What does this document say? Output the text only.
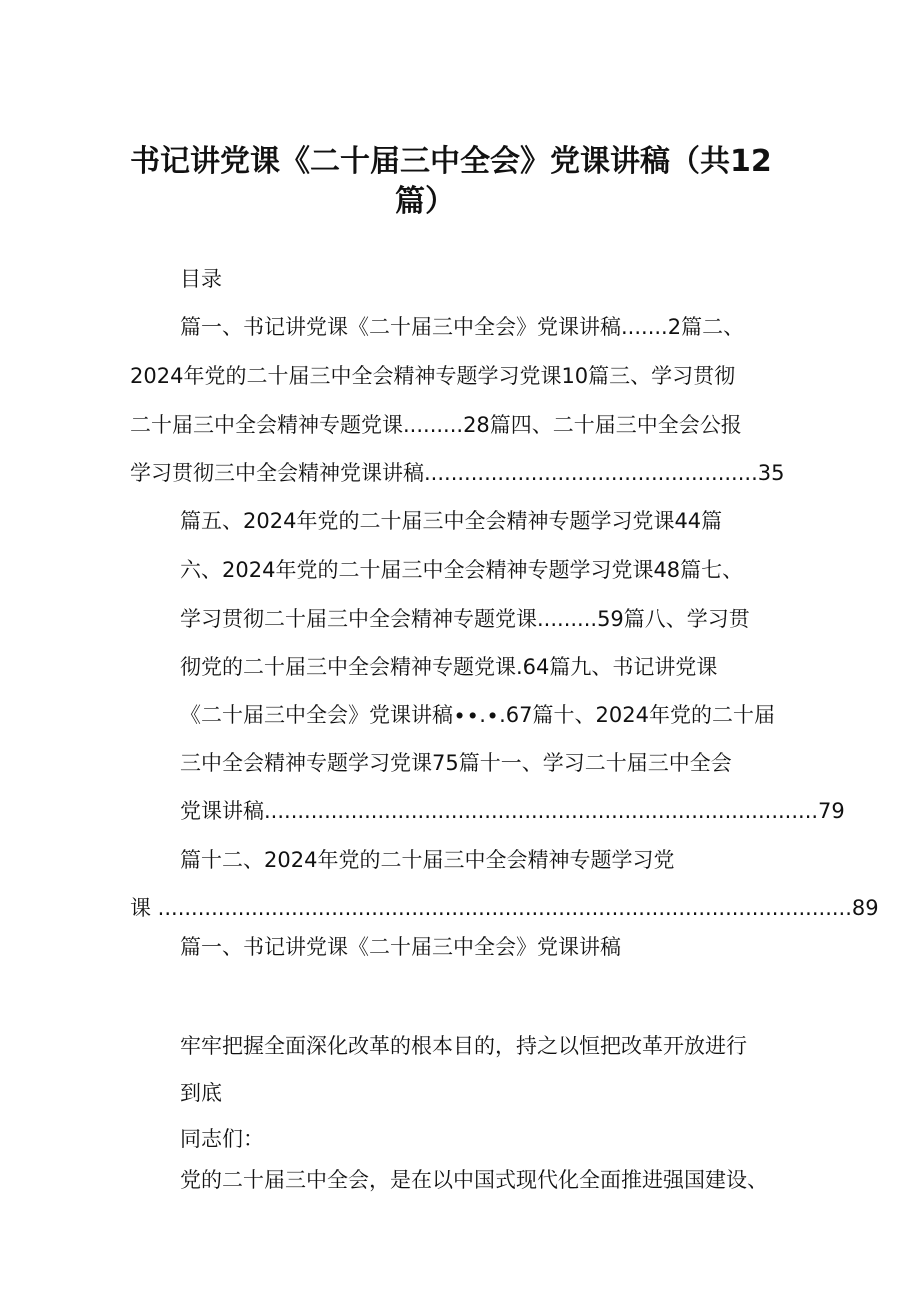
书记讲党课《二十届三中全会》党课讲稿（共12
篇）
目录
篇一、书记讲党课《二十届三中全会》党课讲稿.......2篇二、
2024年党的二十届三中全会精神专题学习党课10篇三、学习贯彻
二十届三中全会精神专题党课.........28篇四、二十届三中全会公报
学习贯彻三中全会精神党课讲稿..................................................35
篇五、2024年党的二十届三中全会精神专题学习党课44篇
六、2024年党的二十届三中全会精神专题学习党课48篇七、
学习贯彻二十届三中全会精神专题党课.........59篇八、学习贯
彻党的二十届三中全会精神专题党课.64篇九、书记讲党课
《二十届三中全会》党课讲稿∙∙.∙.67篇十、2024年党的二十届
三中全会精神专题学习党课75篇十一、学习二十届三中全会
党课讲稿...................................................................................79
篇十二、2024年党的二十届三中全会精神专题学习党
课 ........................................................................................................89
篇一、书记讲党课《二十届三中全会》党课讲稿
牢牢把握全面深化改革的根本目的，持之以恒把改革开放进行
到底
同志们：
党的二十届三中全会，是在以中国式现代化全面推进强国建设、
